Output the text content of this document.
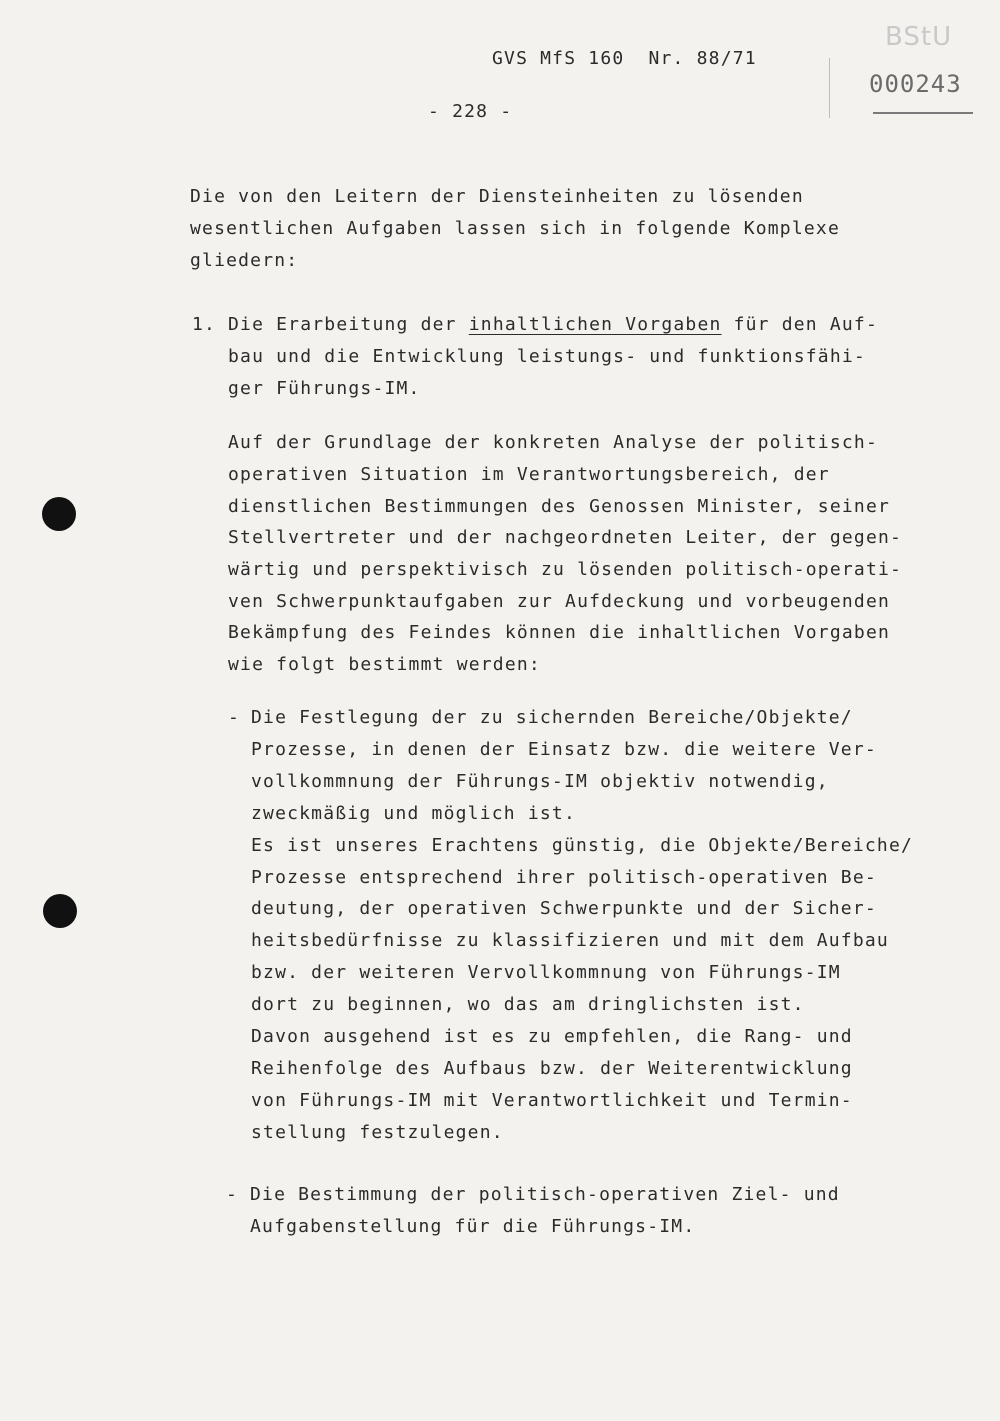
GVS MfS 160  Nr. 88/71
- 228 -
BStU
000243
Die von den Leitern der Diensteinheiten zu lösenden
wesentlichen Aufgaben lassen sich in folgende Komplexe
gliedern:
1. Die Erarbeitung der inhaltlichen Vorgaben für den Auf-
bau und die Entwicklung leistungs- und funktionsfähi-
ger Führungs-IM.
Auf der Grundlage der konkreten Analyse der politisch-
operativen Situation im Verantwortungsbereich, der
dienstlichen Bestimmungen des Genossen Minister, seiner
Stellvertreter und der nachgeordneten Leiter, der gegen-
wärtig und perspektivisch zu lösenden politisch-operati-
ven Schwerpunktaufgaben zur Aufdeckung und vorbeugenden
Bekämpfung des Feindes können die inhaltlichen Vorgaben
wie folgt bestimmt werden:
- Die Festlegung der zu sichernden Bereiche/Objekte/
Prozesse, in denen der Einsatz bzw. die weitere Ver-
vollkommnung der Führungs-IM objektiv notwendig,
zweckmäßig und möglich ist.
Es ist unseres Erachtens günstig, die Objekte/Bereiche/
Prozesse entsprechend ihrer politisch-operativen Be-
deutung, der operativen Schwerpunkte und der Sicher-
heitsbedürfnisse zu klassifizieren und mit dem Aufbau
bzw. der weiteren Vervollkommnung von Führungs-IM
dort zu beginnen, wo das am dringlichsten ist.
Davon ausgehend ist es zu empfehlen, die Rang- und
Reihenfolge des Aufbaus bzw. der Weiterentwicklung
von Führungs-IM mit Verantwortlichkeit und Termin-
stellung festzulegen.
- Die Bestimmung der politisch-operativen Ziel- und
Aufgabenstellung für die Führungs-IM.
